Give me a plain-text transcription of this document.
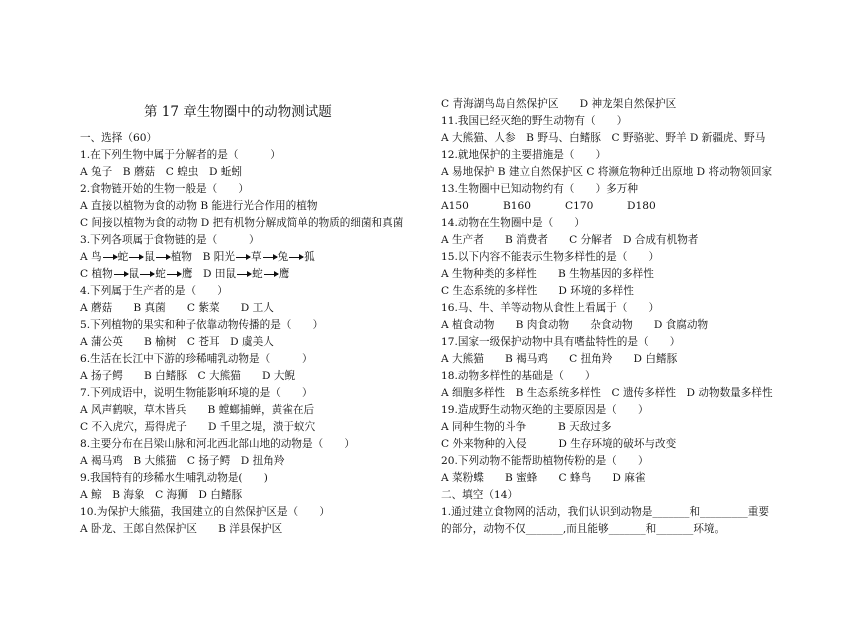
第 17 章生物圈中的动物测试题
一、选择（60）
1.在下列生物中属于分解者的是（　　　）
A 兔子　B 蘑菇　C 蝗虫　D 蚯蚓
2.食物链开始的生物一般是（　　）
A 直接以植物为食的动物 B 能进行光合作用的植物
C 间接以植物为食的动物 D 把有机物分解成简单的物质的细菌和真菌
3.下列各项属于食物链的是（　　　）
A 鸟 蛇 鼠 植物　 B 阳光 草 兔 狐
C 植物 鼠 蛇 鹰　 D 田鼠 蛇 鹰
4.下列属于生产者的是（　　）
A 蘑菇　　B 真菌　　C 紫菜　　D 工人
5.下列植物的果实和种子依靠动物传播的是（　　）
A 蒲公英　　B 榆树　C 苍耳　D 虞美人
6.生活在长江中下游的珍稀哺乳动物是（　　　）
A 扬子鳄　　B 白鳍豚　C 大熊猫　　D 大鲵
7.下列成语中，说明生物能影响环境的是（　　）
A 风声鹤唳，草木皆兵　　B 螳螂捕蝉，黄雀在后
C 不入虎穴，焉得虎子　　D 千里之堤，溃于蚁穴
8.主要分布在吕梁山脉和河北西北部山地的动物是（　　）
A 褐马鸡　B 大熊猫　C 扬子鳄　D 扭角羚
9.我国特有的珍稀水生哺乳动物是(　　)
A 鲸　B 海象　C 海狮　D 白鳍豚
10.为保护大熊猫，我国建立的自然保护区是（　　）
A 卧龙、王郎自然保护区　　B 洋县保护区
C 青海湖鸟岛自然保护区　　D 神龙架自然保护区
11.我国已经灭绝的野生动物有（　　）
A 大熊猫、人参　B 野马、白鳍豚　C 野骆驼、野羊 D 新疆虎、野马
12.就地保护的主要措施是（　　）
A 易地保护 B 建立自然保护区 C 将濒危物种迁出原地 D 将动物领回家
13.生物圈中已知动物约有（　　）多万种
A150	B160	C170	D180
14.动物在生物圈中是（　　）
A 生产者　　B 消费者　　C 分解者　D 合成有机物者
15.以下内容不能表示生物多样性的是（　　）
A 生物种类的多样性　　B 生物基因的多样性
C 生态系统的多样性　　D 环境的多样性
16.马、牛、羊等动物从食性上看属于（　　）
A 植食动物　　B 肉食动物　　杂食动物　　D 食腐动物
17.国家一级保护动物中具有嗜盐特性的是（　　）
A 大熊猫　　B 褐马鸡　　C 扭角羚　　D 白鳍豚
18.动物多样性的基础是（　　）
A 细胞多样性　B 生态系统多样性　C 遗传多样性　D 动物数量多样性
19.造成野生动物灭绝的主要原因是（　　）
A 同种生物的斗争　　　B 天敌过多
C 外来物种的入侵　　　D 生存环境的破坏与改变
20.下列动物不能帮助植物传粉的是（　　）
A 菜粉蝶　　B 蜜蜂　　C 蜂鸟　　D 麻雀
二、填空（14）
1.通过建立食物网的活动，我们认识到动物是_______和_________重要
的部分，动物不仅_______,而且能够_______和_______环境。
